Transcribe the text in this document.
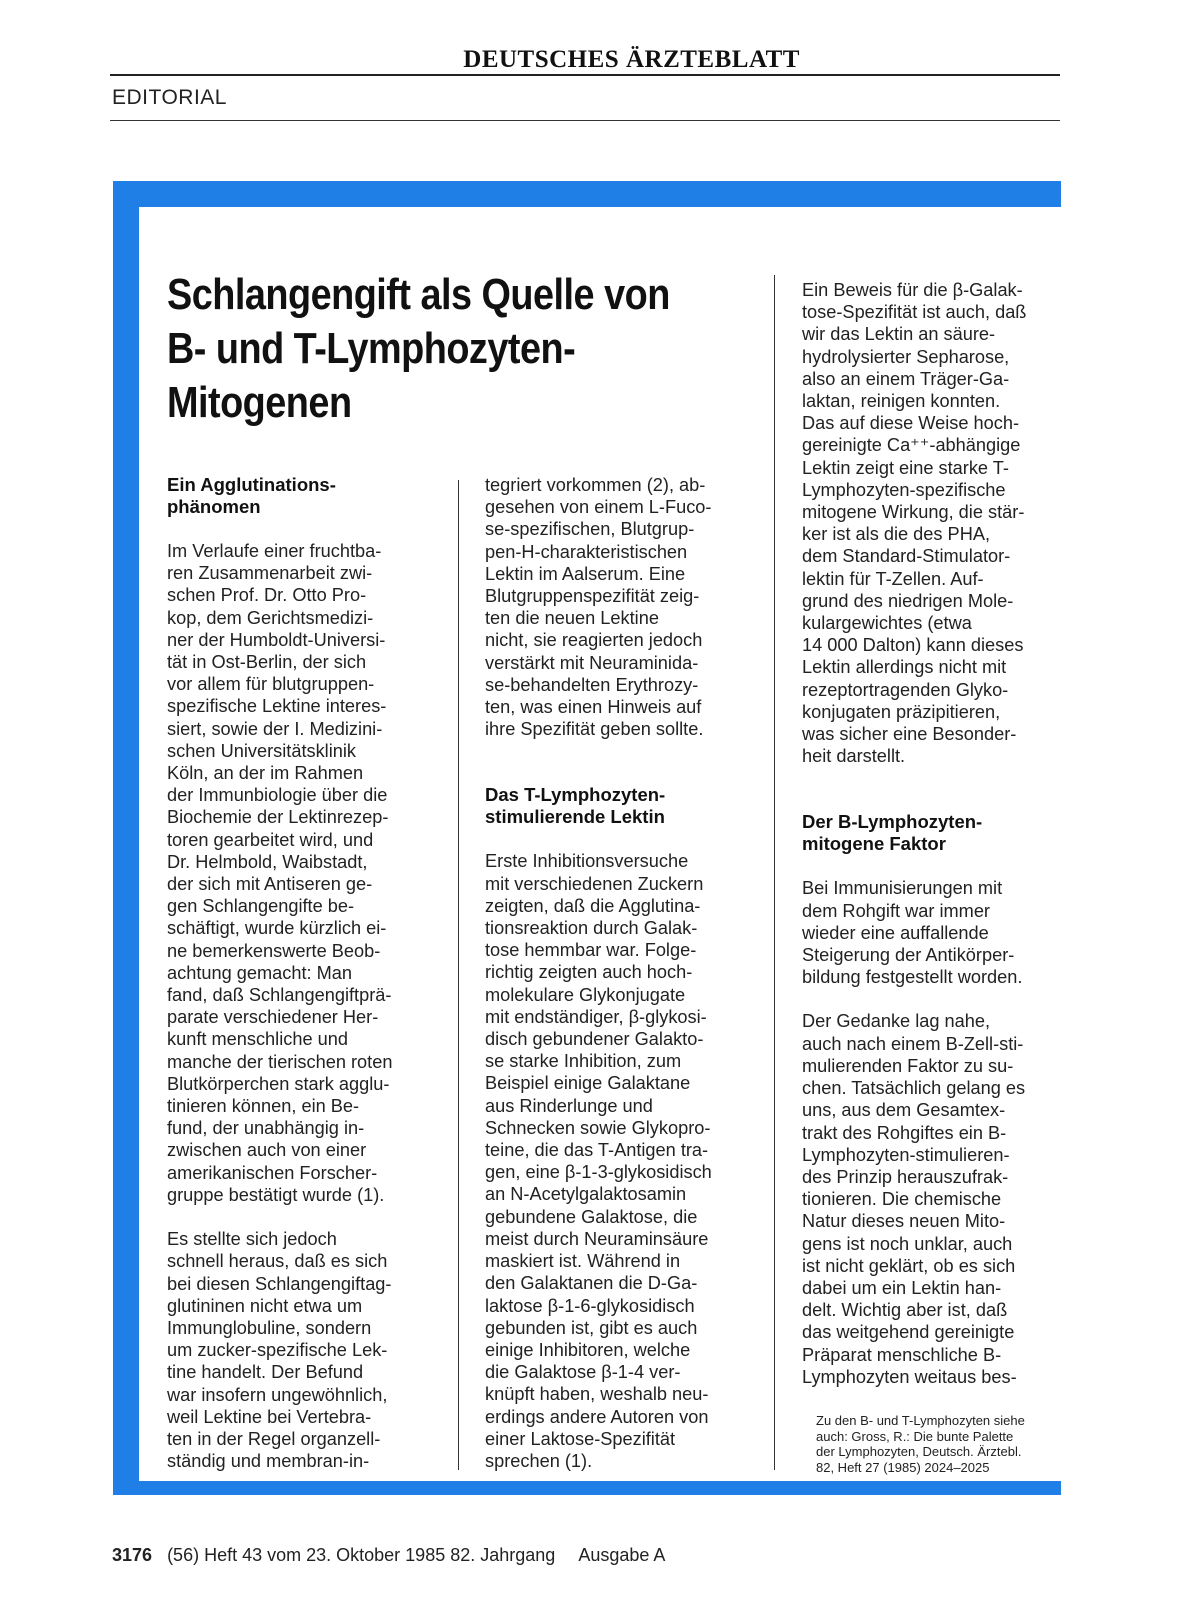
DEUTSCHES ÄRZTEBLATT
EDITORIAL
Schlangengift als Quelle von
B- und T-Lymphozyten-Mitogenen
Ein Agglutinations-
phänomen

Im Verlaufe einer fruchtba-
ren Zusammenarbeit zwi-
schen Prof. Dr. Otto Pro-
kop, dem Gerichtsmedizi-
ner der Humboldt-Universi-
tät in Ost-Berlin, der sich
vor allem für blutgruppen-
spezifische Lektine interes-
siert, sowie der I. Medizini-
schen Universitätsklinik
Köln, an der im Rahmen
der Immunbiologie über die
Biochemie der Lektinrezep-
toren gearbeitet wird, und
Dr. Helmbold, Waibstadt,
der sich mit Antiseren ge-
gen Schlangengifte be-
schäftigt, wurde kürzlich ei-
ne bemerkenswerte Beob-
achtung gemacht: Man
fand, daß Schlangengiftprä-
parate verschiedener Her-
kunft menschliche und
manche der tierischen roten
Blutkörperchen stark agglu-
tinieren können, ein Be-
fund, der unabhängig in-
zwischen auch von einer
amerikanischen Forscher-
gruppe bestätigt wurde (1).

Es stellte sich jedoch
schnell heraus, daß es sich
bei diesen Schlangengiftag-
glutininen nicht etwa um
Immunglobuline, sondern
um zucker-spezifische Lek-
tine handelt. Der Befund
war insofern ungewöhnlich,
weil Lektine bei Vertebra-
ten in der Regel organzell-
ständig und membran-in-

tegriert vorkommen (2), ab-
gesehen von einem L-Fuco-
se-spezifischen, Blutgrup-
pen-H-charakteristischen
Lektin im Aalserum. Eine
Blutgruppenspezifität zeig-
ten die neuen Lektine
nicht, sie reagierten jedoch
verstärkt mit Neuraminida-
se-behandelten Erythrozy-
ten, was einen Hinweis auf
ihre Spezifität geben sollte.

Das T-Lymphozyten-
stimulierende Lektin

Erste Inhibitionsversuche
mit verschiedenen Zuckern
zeigten, daß die Agglutina-
tionsreaktion durch Galak-
tose hemmbar war. Folge-
richtig zeigten auch hoch-
molekulare Glykonjugate
mit endständiger, β-glykosi-
disch gebundener Galakto-
se starke Inhibition, zum
Beispiel einige Galaktane
aus Rinderlunge und
Schnecken sowie Glykopro-
teine, die das T-Antigen tra-
gen, eine β-1-3-glykosidisch
an N-Acetylgalaktosamin
gebundene Galaktose, die
meist durch Neuraminsäure
maskiert ist. Während in
den Galaktanen die D-Ga-
laktose β-1-6-glykosidisch
gebunden ist, gibt es auch
einige Inhibitoren, welche
die Galaktose β-1-4 ver-
knüpft haben, weshalb neu-
erdings andere Autoren von
einer Laktose-Spezifität
sprechen (1).

Ein Beweis für die β-Galak-
tose-Spezifität ist auch, daß
wir das Lektin an säure-
hydrolysierter Sepharose,
also an einem Träger-Ga-
laktan, reinigen konnten.
Das auf diese Weise hoch-
gereinigte Ca⁺⁺-abhängige
Lektin zeigt eine starke T-
Lymphozyten-spezifische
mitogene Wirkung, die stär-
ker ist als die des PHA,
dem Standard-Stimulator-
lektin für T-Zellen. Auf-
grund des niedrigen Mole-
kulargewichtes (etwa
14 000 Dalton) kann dieses
Lektin allerdings nicht mit
rezeptortragenden Glyko-
konjugaten präzipitieren,
was sicher eine Besonder-
heit darstellt.

Der B-Lymphozyten-
mitogene Faktor

Bei Immunisierungen mit
dem Rohgift war immer
wieder eine auffallende
Steigerung der Antikörper-
bildung festgestellt worden.

Der Gedanke lag nahe,
auch nach einem B-Zell-sti-
mulierenden Faktor zu su-
chen. Tatsächlich gelang es
uns, aus dem Gesamtex-
trakt des Rohgiftes ein B-
Lymphozyten-stimulieren-
des Prinzip herauszufrak-
tionieren. Die chemische
Natur dieses neuen Mito-
gens ist noch unklar, auch
ist nicht geklärt, ob es sich
dabei um ein Lektin han-
delt. Wichtig aber ist, daß
das weitgehend gereinigte
Präparat menschliche B-
Lymphozyten weitaus bes-

Zu den B- und T-Lymphozyten siehe
auch: Gross, R.: Die bunte Palette
der Lymphozyten, Deutsch. Ärztebl.
82, Heft 27 (1985) 2024–2025
3176 (56) Heft 43 vom 23. Oktober 1985 82. Jahrgang Ausgabe A
